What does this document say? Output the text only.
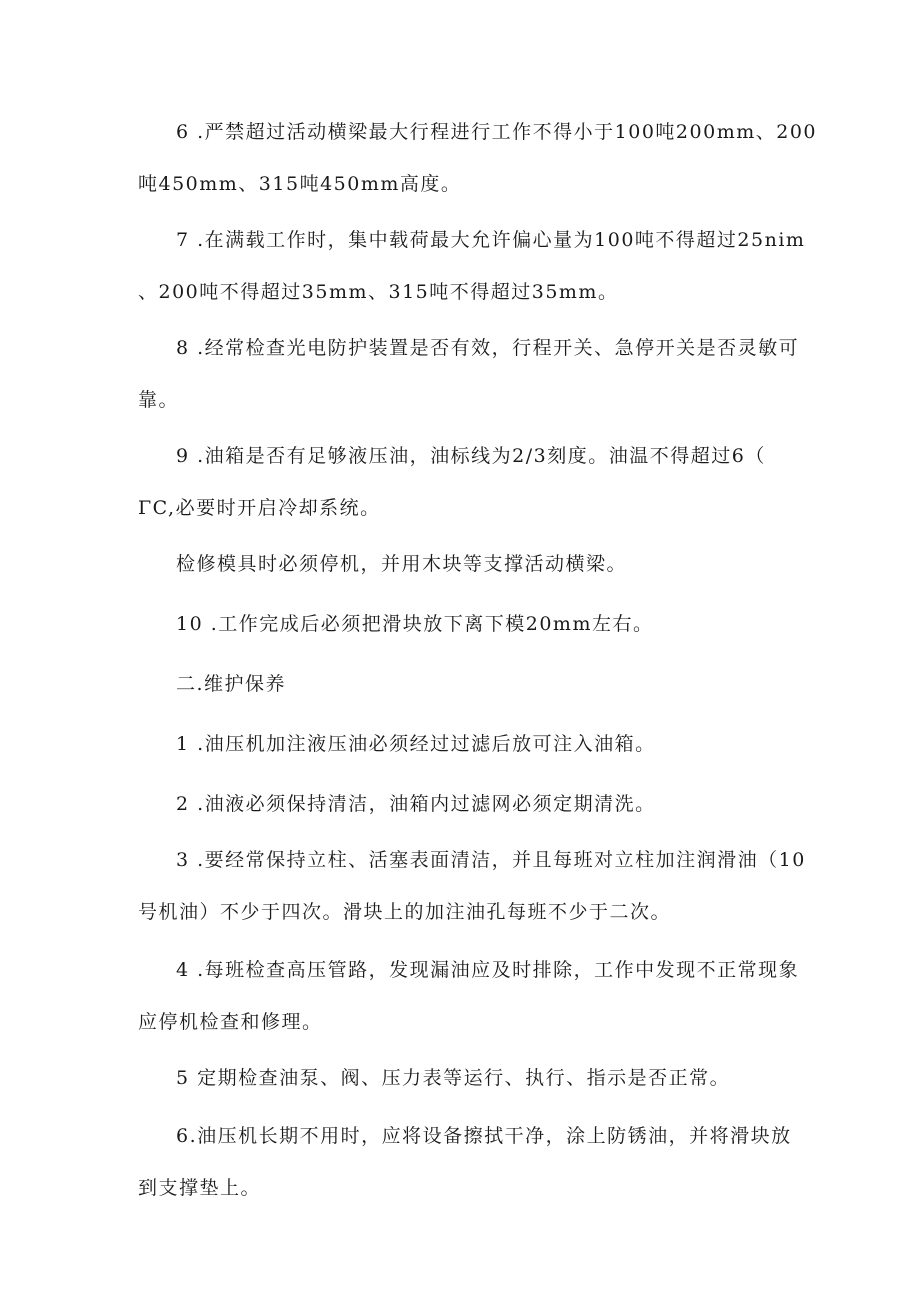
6 .严禁超过活动横梁最大行程进行工作不得小于100吨200mm、200
吨450mm、315吨450mm高度。

7 .在满载工作时，集中载荷最大允许偏心量为100吨不得超过25nim
、200吨不得超过35mm、315吨不得超过35mm。

8 .经常检查光电防护装置是否有效，行程开关、急停开关是否灵敏可
靠。

9 .油箱是否有足够液压油，油标线为2/3刻度。油温不得超过6（
ΓC,必要时开启冷却系统。

检修模具时必须停机，并用木块等支撑活动横梁。

10 .工作完成后必须把滑块放下离下模20mm左右。

二.维护保养

1 .油压机加注液压油必须经过过滤后放可注入油箱。

2 .油液必须保持清洁，油箱内过滤网必须定期清洗。

3 .要经常保持立柱、活塞表面清洁，并且每班对立柱加注润滑油（10
号机油）不少于四次。滑块上的加注油孔每班不少于二次。

4 .每班检查高压管路，发现漏油应及时排除，工作中发现不正常现象
应停机检查和修理。

5 定期检查油泵、阀、压力表等运行、执行、指示是否正常。

6.油压机长期不用时，应将设备擦拭干净，涂上防锈油，并将滑块放
到支撑垫上。
